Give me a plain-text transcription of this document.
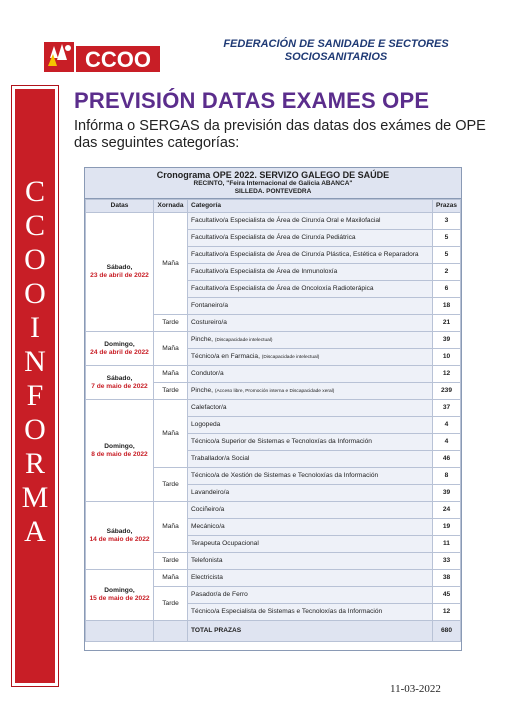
CCOO
FEDERACIÓN DE SANIDADE E SECTORES
SOCIOSANITARIOS
C
C
O
O
I
N
F
O
R
M
A
PREVISIÓN DATAS EXAMES OPE
Infórma o SERGAS da previsión das datas dos exámes de OPE das seguintes categorías:
Cronograma OPE 2022. SERVIZO GALEGO DE SAÚDE
RECINTO, "Feira Internacional de Galicia ABANCA"
SILLEDA. PONTEVEDRA
Datas	Xornada	Categoría	Prazas

Sábado,
23 de abril de 2022	Maña	Facultativo/a Especialista de Área de Cirurxía Oral e Maxilofacial	3
		Facultativo/a Especialista de Área de Cirurxía Pediátrica	5
		Facultativo/a Especialista de Área de Cirurxía Plástica, Estética e Reparadora	5
		Facultativo/a Especialista de Área de Inmunoloxía	2
		Facultativo/a Especialista de Área de Oncoloxía Radioterápica	6
		Fontaneiro/a	18
	Tarde	Costureiro/a	21

Domingo,
24 de abril de 2022	Maña	Pinche, (Discapacidade intelectual)	39
		Técnico/a en Farmacia, (Discapacidade intelectual)	10

Sábado,
7 de maio de 2022	Maña	Condutor/a	12
	Tarde	Pinche, (Acceso libre, Promoción interna e Discapacidade xeral)	239

Domingo,
8 de maio de 2022	Maña	Calefactor/a	37
		Logopeda	4
		Técnico/a Superior de Sistemas e Tecnoloxías da Información	4
		Traballador/a Social	46
	Tarde	Técnico/a de Xestión de Sistemas e Tecnoloxías da Información	8
		Lavandeiro/a	39

Sábado,
14 de maio de 2022	Maña	Cociñeiro/a	24
		Mecánico/a	19
		Terapeuta Ocupacional	11
	Tarde	Telefonista	33

Domingo,
15 de maio de 2022	Maña	Electricista	38
	Tarde	Pasador/a de Ferro	45
		Técnico/a Especialista de Sistemas e Tecnoloxías da Información	12
		TOTAL PRAZAS	680
11-03-2022
